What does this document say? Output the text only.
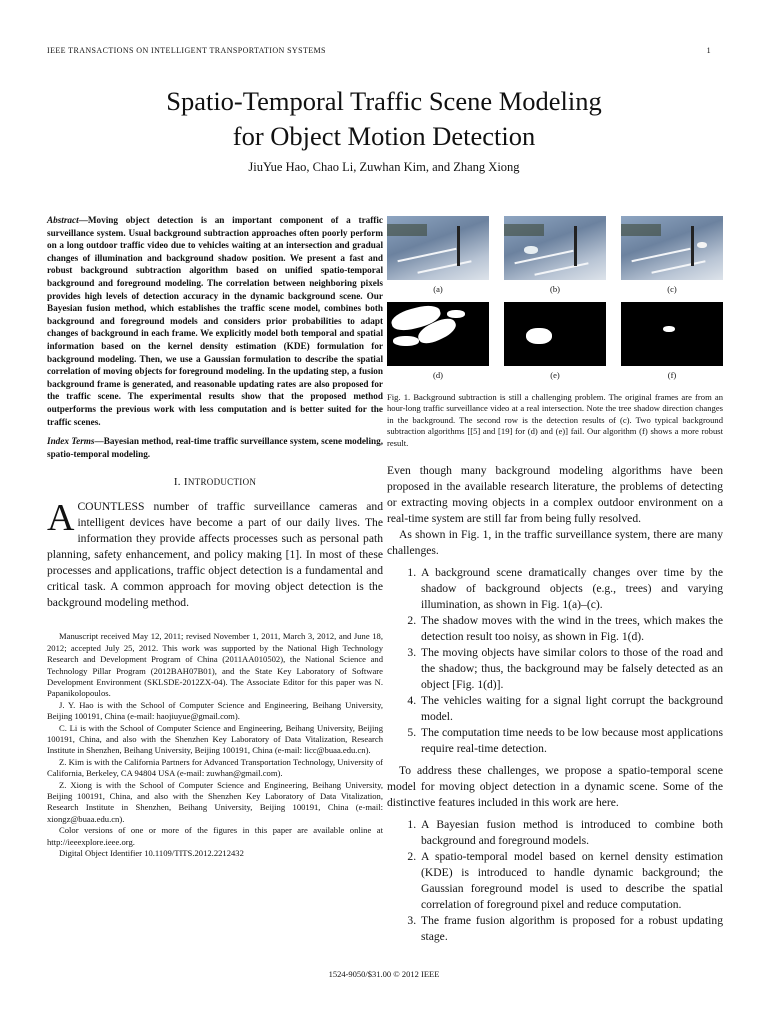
IEEE TRANSACTIONS ON INTELLIGENT TRANSPORTATION SYSTEMS	1
Spatio-Temporal Traffic Scene Modeling
for Object Motion Detection
JiuYue Hao, Chao Li, Zuwhan Kim, and Zhang Xiong
Abstract—Moving object detection is an important component of a traffic surveillance system. Usual background subtraction approaches often poorly perform on a long outdoor traffic video due to vehicles waiting at an intersection and gradual changes of illumination and background shadow position. We present a fast and robust background subtraction algorithm based on unified spatio-temporal background and foreground modeling. The correlation between neighboring pixels provides high levels of detection accuracy in the dynamic background scene. Our Bayesian fusion method, which establishes the traffic scene model, combines both background and foreground models and considers prior probabilities to adapt changes of background in each frame. We explicitly model both temporal and spatial information based on the kernel density estimation (KDE) formulation for background modeling. Then, we use a Gaussian formulation to describe the spatial correlation of moving objects for foreground modeling. In the updating step, a fusion background frame is generated, and reasonable updating rates are also proposed for the traffic scene. The experimental results show that the proposed method outperforms the previous work with less computation and is better suited for the traffic scenes.
Index Terms—Bayesian method, real-time traffic surveillance system, scene modeling, spatio-temporal modeling.
I. INTRODUCTION
ACOUNTLESS number of traffic surveillance cameras and intelligent devices have become a part of our daily lives. The information they provide affects processes such as personal path planning, safety enhancement, and policy making [1]. In most of these processes and applications, traffic object detection is a fundamental and critical task. A common approach for moving object detection is the background modeling method.

Manuscript received May 12, 2011; revised November 1, 2011, March 3, 2012, and June 18, 2012; accepted July 25, 2012. This work was supported by the National High Technology Research and Development Program of China (2011AA010502), the National Science and Technology Pillar Program (2012BAH07B01), and the State Key Laboratory of Software Development Environment (SKLSDE-2012ZX-04). The Associate Editor for this paper was N. Papanikolopoulos.

J. Y. Hao is with the School of Computer Science and Engineering, Beihang University, Beijing 100191, China (e-mail: haojiuyue@gmail.com).

C. Li is with the School of Computer Science and Engineering, Beihang University, Beijing 100191, China, and also with the Shenzhen Key Laboratory of Data Vitalization, Research Institute in Shenzhen, Beihang University, Beijing 100191, China (e-mail: licc@buaa.edu.cn).

Z. Kim is with the California Partners for Advanced Transportation Technology, University of California, Berkeley, CA 94804 USA (e-mail: zuwhan@gmail.com).

Z. Xiong is with the School of Computer Science and Engineering, Beihang University, Beijing 100191, China, and also with the Shenzhen Key Laboratory of Data Vitalization, Research Institute in Shenzhen, Beihang University, Beijing 100191, China (e-mail: xiongz@buaa.edu.cn).

Color versions of one or more of the figures in this paper are available online at http://ieeexplore.ieee.org.

Digital Object Identifier 10.1109/TITS.2012.2212432

(a)	(b)	(c)
(d)	(e)	(f)
Fig. 1. Background subtraction is still a challenging problem. The original frames are from an hour-long traffic surveillance video at a real intersection. Note the tree shadow direction changes in the background. The second row is the detection results of (c). Two typical background subtraction algorithms [[5] and [19] for (d) and (e)] fail. Our algorithm (f) shows a more robust result.

Even though many background modeling algorithms have been proposed in the available research literature, the problems of detecting or extracting moving objects in a complex outdoor environment on a real-time system are still far from being fully resolved.

As shown in Fig. 1, in the traffic surveillance system, there are many challenges.

1. A background scene dramatically changes over time by the shadow of background objects (e.g., trees) and varying illumination, as shown in Fig. 1(a)–(c).
2. The shadow moves with the wind in the trees, which makes the detection result too noisy, as shown in Fig. 1(d).
3. The moving objects have similar colors to those of the road and the shadow; thus, the background may be falsely detected as an object [Fig. 1(d)].
4. The vehicles waiting for a signal light corrupt the background model.
5. The computation time needs to be low because most applications require real-time detection.

To address these challenges, we propose a spatio-temporal scene model for moving object detection in a dynamic scene. Some of the distinctive features included in this work are here.

1. A Bayesian fusion method is introduced to combine both background and foreground models.
2. A spatio-temporal model based on kernel density estimation (KDE) is introduced to handle dynamic background; the Gaussian foreground model is used to describe the spatial correlation of foreground pixel and reduce computation.
3. The frame fusion algorithm is proposed for a robust updating stage.
1524-9050/$31.00 © 2012 IEEE
